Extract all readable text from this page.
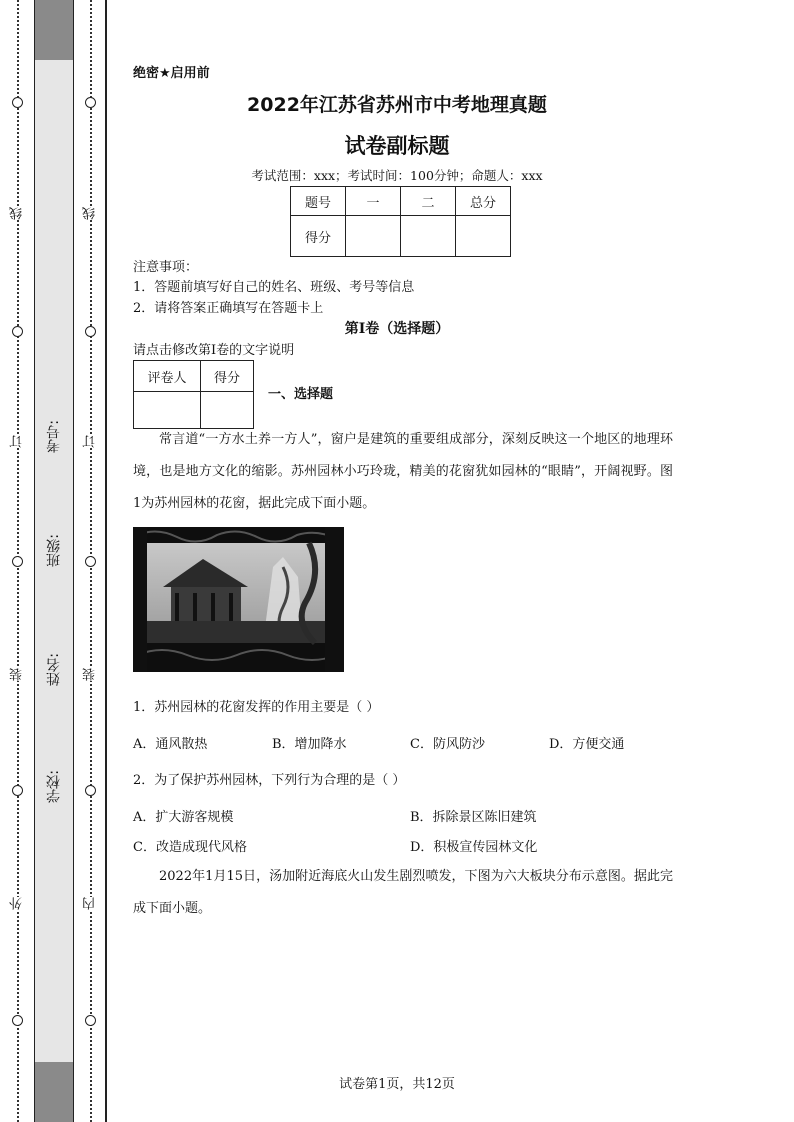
线
订
装
外
线
订
装
内
考号:
班级:
姓名:
学校:
绝密★启用前
2022年江苏省苏州市中考地理真题
试卷副标题
考试范围：xxx；考试时间：100分钟；命题人：xxx
题号	一	二	总分
得分			
注意事项：
1．答题前填写好自己的姓名、班级、考号等信息
2．请将答案正确填写在答题卡上
第I卷（选择题）
请点击修改第I卷的文字说明
评卷人	得分

一、选择题
常言道“一方水土养一方人”，窗户是建筑的重要组成部分，深刻反映这一个地区的地理环境，也是地方文化的缩影。苏州园林小巧玲珑，精美的花窗犹如园林的“眼睛”，开阔视野。图1为苏州园林的花窗，据此完成下面小题。
1．苏州园林的花窗发挥的作用主要是（ ）
A．通风散热	B．增加降水	C．防风防沙	D．方便交通
2．为了保护苏州园林，下列行为合理的是（ ）
A．扩大游客规模	B．拆除景区陈旧建筑
C．改造成现代风格	D．积极宣传园林文化
2022年1月15日，汤加附近海底火山发生剧烈喷发，下图为六大板块分布示意图。据此完成下面小题。
试卷第1页，共12页
